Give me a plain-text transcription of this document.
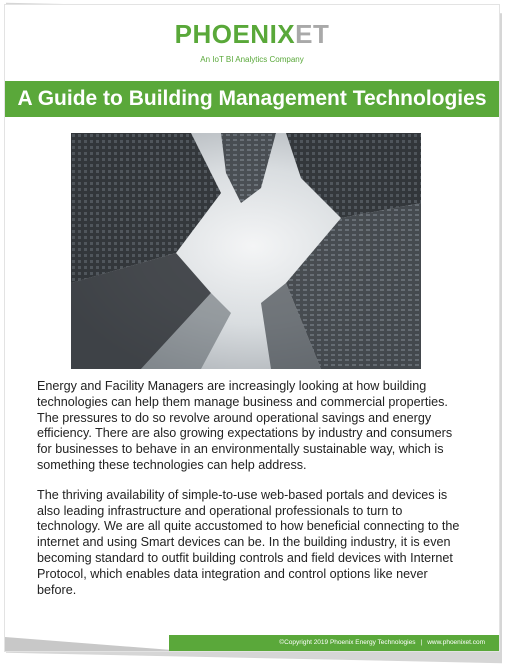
PHOENIXET
An IoT BI Analytics Company
A Guide to Building Management Technologies

Energy and Facility Managers are increasingly looking at how building technologies can help them manage business and commercial properties. The pressures to do so revolve around operational savings and energy efficiency. There are also growing expectations by industry and consumers for businesses to behave in an environmentally sustainable way, which is something these technologies can help address.

The thriving availability of simple-to-use web-based portals and devices is also leading infrastructure and operational professionals to turn to technology. We are all quite accustomed to how beneficial connecting to the internet and using Smart devices can be. In the building industry, it is even becoming standard to outfit building controls and field devices with Internet Protocol, which enables data integration and control options like never before.

©Copyright 2019 Phoenix Energy Technologies | www.phoenixet.com
